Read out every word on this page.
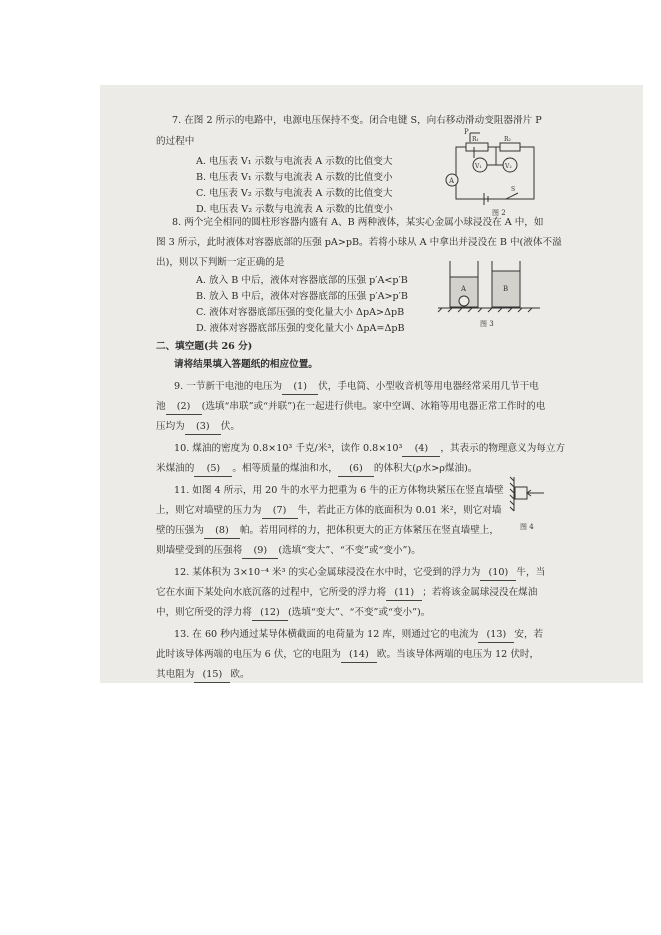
7. 在图 2 所示的电路中，电源电压保持不变。闭合电键 S，向右移动滑动变阻器滑片 P
的过程中
A. 电压表 V₁ 示数与电流表 A 示数的比值变大
B. 电压表 V₁ 示数与电流表 A 示数的比值变小
C. 电压表 V₂ 示数与电流表 A 示数的比值变大
D. 电压表 V₂ 示数与电流表 A 示数的比值变小
P
R₁	R₂
V₁	V₂
A
S
图 2
8. 两个完全相同的圆柱形容器内盛有 A、B 两种液体，某实心金属小球浸没在 A 中，如
图 3 所示，此时液体对容器底部的压强 pA>pB。若将小球从 A 中拿出并浸没在 B 中(液体不溢
出)，则以下判断一定正确的是
A. 放入 B 中后，液体对容器底部的压强 p′A<p′B
B. 放入 B 中后，液体对容器底部的压强 p′A>p′B
C. 液体对容器底部压强的变化量大小 ΔpA>ΔpB
D. 液体对容器底部压强的变化量大小 ΔpA=ΔpB
A	B
图 3
二、填空题(共 26 分)
请将结果填入答题纸的相应位置。
9. 一节新干电池的电压为 (1) 伏，手电筒、小型收音机等用电器经常采用几节干电
池 (2) (选填“串联”或“并联”)在一起进行供电。家中空调、冰箱等用电器正常工作时的电
压均为 (3) 伏。
10. 煤油的密度为 0.8×10³ 千克/米³，读作 0.8×10³ (4) ，其表示的物理意义为每立方
米煤油的 (5) 。相等质量的煤油和水， (6) 的体积大(ρ水>ρ煤油)。
11. 如图 4 所示，用 20 牛的水平力把重为 6 牛的正方体物块紧压在竖直墙壁
上，则它对墙壁的压力为 (7) 牛，若此正方体的底面积为 0.01 米²，则它对墙
壁的压强为 (8) 帕。若用同样的力，把体积更大的正方体紧压在竖直墙壁上，
则墙壁受到的压强将 (9) (选填“变大”、“不变”或“变小”)。
图 4
12. 某体积为 3×10⁻⁴ 米³ 的实心金属球浸没在水中时，它受到的浮力为 (10) 牛，当
它在水面下某处向水底沉落的过程中，它所受的浮力将 (11) ；若将该金属球浸没在煤油
中，则它所受的浮力将 (12) (选填“变大”、“不变”或“变小”)。
13. 在 60 秒内通过某导体横截面的电荷量为 12 库，则通过它的电流为 (13) 安，若
此时该导体两端的电压为 6 伏，它的电阻为 (14) 欧。当该导体两端的电压为 12 伏时，
其电阻为 (15) 欧。
